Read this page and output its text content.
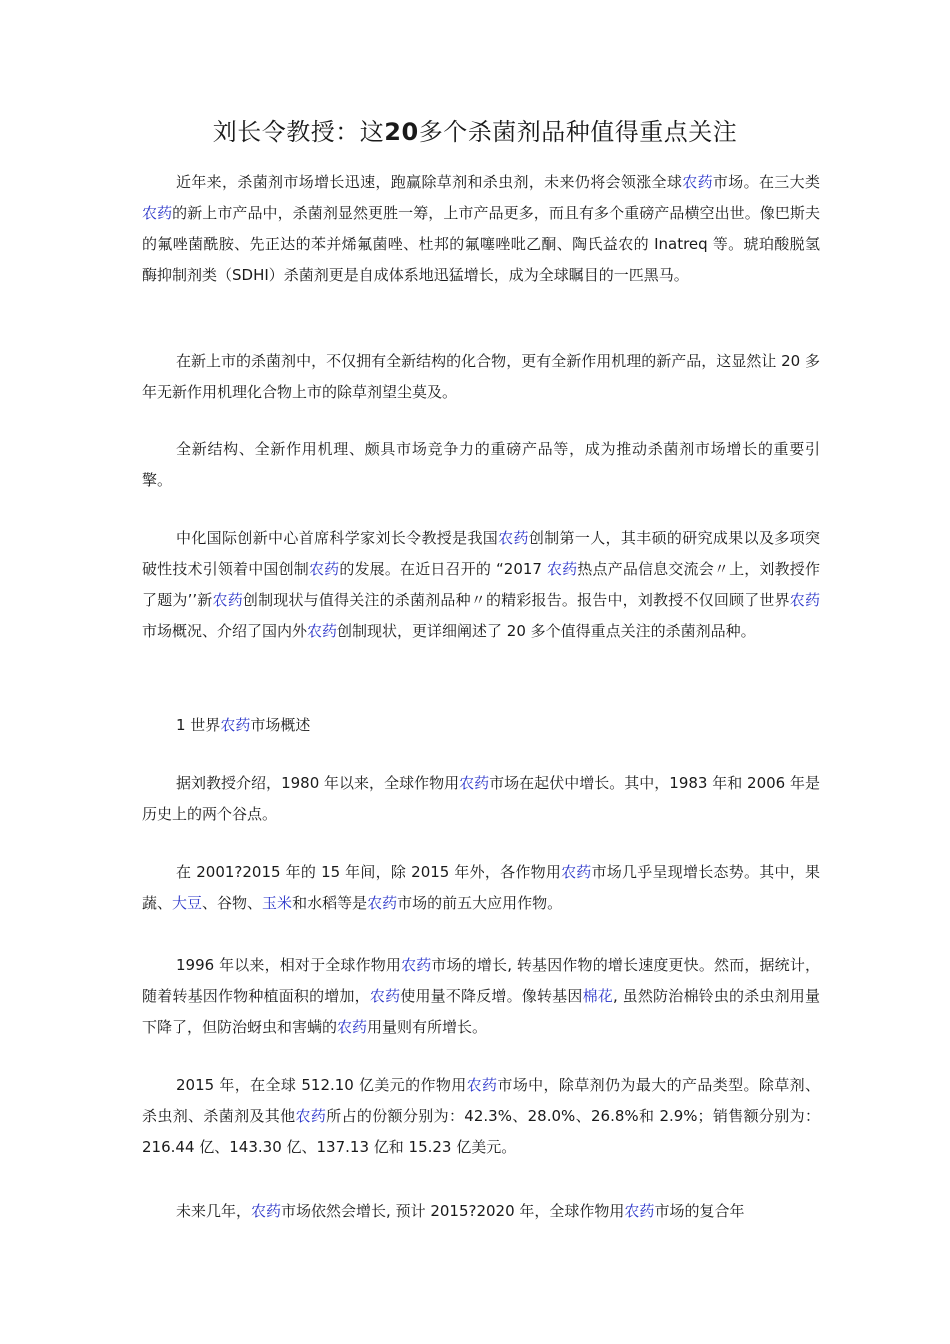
刘长令教授：这20多个杀菌剂品种值得重点关注

近年来，杀菌剂市场增长迅速，跑赢除草剂和杀虫剂，未来仍将会领涨全球农药市场。在三大类农药的新上市产品中，杀菌剂显然更胜一筹，上市产品更多，而且有多个重磅产品横空出世。像巴斯夫的氟唑菌酰胺、先正达的苯并烯氟菌唑、杜邦的氟噻唑吡乙酮、陶氏益农的 Inatreq 等。琥珀酸脱氢酶抑制剂类（SDHI）杀菌剂更是自成体系地迅猛增长，成为全球瞩目的一匹黑马。

在新上市的杀菌剂中，不仅拥有全新结构的化合物，更有全新作用机理的新产品，这显然让 20 多年无新作用机理化合物上市的除草剂望尘莫及。

全新结构、全新作用机理、颇具市场竞争力的重磅产品等，成为推动杀菌剂市场增长的重要引擎。

中化国际创新中心首席科学家刘长令教授是我国农药创制第一人，其丰硕的研究成果以及多项突破性技术引领着中国创制农药的发展。在近日召开的 “2017 农药热点产品信息交流会〃上，刘教授作了题为’’新农药创制现状与值得关注的杀菌剂品种〃的精彩报告。报告中，刘教授不仅回顾了世界农药市场概况、介绍了国内外农药创制现状，更详细阐述了 20 多个值得重点关注的杀菌剂品种。

1 世界农药市场概述

据刘教授介绍，1980 年以来，全球作物用农药市场在起伏中增长。其中，1983 年和 2006 年是历史上的两个谷点。

在 2001?2015 年的 15 年间，除 2015 年外，各作物用农药市场几乎呈现增长态势。其中，果蔬、大豆、谷物、玉米和水稻等是农药市场的前五大应用作物。

1996 年以来，相对于全球作物用农药市场的增长, 转基因作物的增长速度更快。然而，据统计，随着转基因作物种植面积的增加，农药使用量不降反增。像转基因棉花, 虽然防治棉铃虫的杀虫剂用量下降了，但防治蚜虫和害螨的农药用量则有所增长。

2015 年，在全球 512.10 亿美元的作物用农药市场中，除草剂仍为最大的产品类型。除草剂、杀虫剂、杀菌剂及其他农药所占的份额分别为：42.3%、28.0%、26.8%和 2.9%；销售额分别为：216.44 亿、143.30 亿、137.13 亿和 15.23 亿美元。

未来几年，农药市场依然会增长, 预计 2015?2020 年，全球作物用农药市场的复合年
